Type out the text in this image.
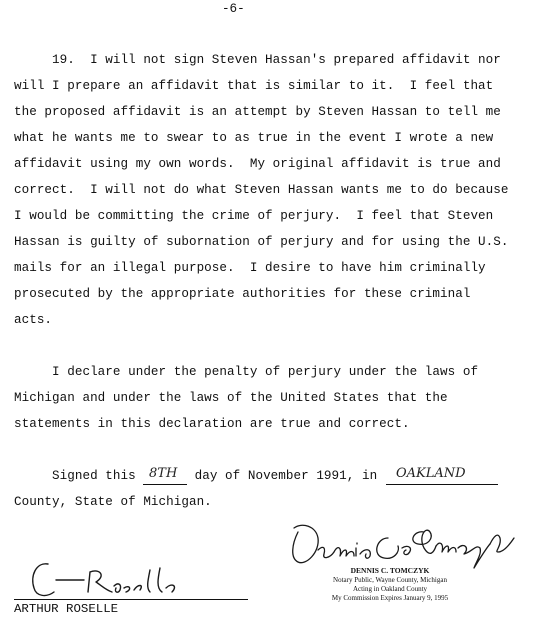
-6-
19.  I will not sign Steven Hassan's prepared affidavit nor
will I prepare an affidavit that is similar to it.  I feel that
the proposed affidavit is an attempt by Steven Hassan to tell me
what he wants me to swear to as true in the event I wrote a new
affidavit using my own words.  My original affidavit is true and
correct.  I will not do what Steven Hassan wants me to do because
I would be committing the crime of perjury.  I feel that Steven
Hassan is guilty of subornation of perjury and for using the U.S.
mails for an illegal purpose.  I desire to have him criminally
prosecuted by the appropriate authorities for these criminal
acts.
I declare under the penalty of perjury under the laws of
Michigan and under the laws of the United States that the
statements in this declaration are true and correct.
Signed this 8TH day of November 1991, in OAKLAND
County, State of Michigan.
DENNIS C. TOMCZYK
Notary Public, Wayne County, Michigan
Acting in Oakland County
My Commission Expires January 9, 1995
ARTHUR ROSELLE
